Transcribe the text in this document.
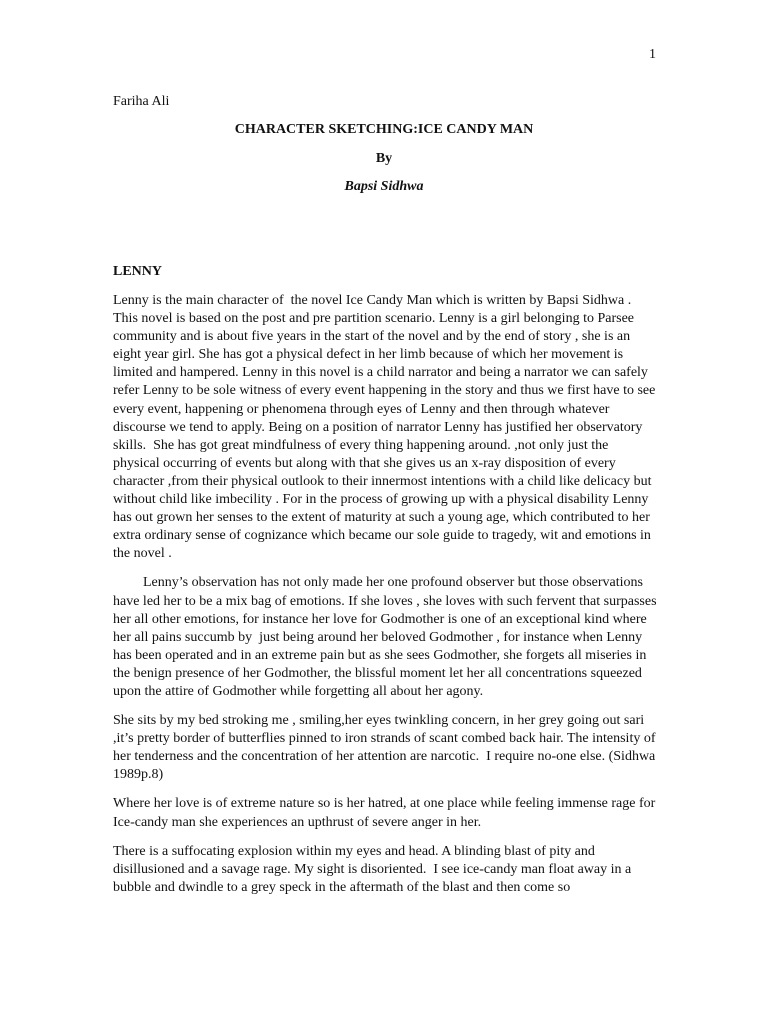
1
Fariha Ali
CHARACTER SKETCHING:ICE CANDY MAN
By
Bapsi Sidhwa
LENNY

Lenny is the main character of  the novel Ice Candy Man which is written by Bapsi Sidhwa . This novel is based on the post and pre partition scenario. Lenny is a girl belonging to Parsee community and is about five years in the start of the novel and by the end of story , she is an eight year girl. She has got a physical defect in her limb because of which her movement is limited and hampered. Lenny in this novel is a child narrator and being a narrator we can safely refer Lenny to be sole witness of every event happening in the story and thus we first have to see every event, happening or phenomena through eyes of Lenny and then through whatever discourse we tend to apply. Being on a position of narrator Lenny has justified her observatory skills.  She has got great mindfulness of every thing happening around. ,not only just the physical occurring of events but along with that she gives us an x-ray disposition of every character ,from their physical outlook to their innermost intentions with a child like delicacy but without child like imbecility . For in the process of growing up with a physical disability Lenny has out grown her senses to the extent of maturity at such a young age, which contributed to her extra ordinary sense of cognizance which became our sole guide to tragedy, wit and emotions in the novel .

Lenny’s observation has not only made her one profound observer but those observations have led her to be a mix bag of emotions. If she loves , she loves with such fervent that surpasses her all other emotions, for instance her love for Godmother is one of an exceptional kind where her all pains succumb by  just being around her beloved Godmother , for instance when Lenny has been operated and in an extreme pain but as she sees Godmother, she forgets all miseries in the benign presence of her Godmother, the blissful moment let her all concentrations squeezed upon the attire of Godmother while forgetting all about her agony.

She sits by my bed stroking me , smiling,her eyes twinkling concern, in her grey going out sari ,it’s pretty border of butterflies pinned to iron strands of scant combed back hair. The intensity of her tenderness and the concentration of her attention are narcotic.  I require no-one else. (Sidhwa 1989p.8)

Where her love is of extreme nature so is her hatred, at one place while feeling immense rage for Ice-candy man she experiences an upthrust of severe anger in her.

There is a suffocating explosion within my eyes and head. A blinding blast of pity and disillusioned and a savage rage. My sight is disoriented.  I see ice-candy man float away in a bubble and dwindle to a grey speck in the aftermath of the blast and then come so
